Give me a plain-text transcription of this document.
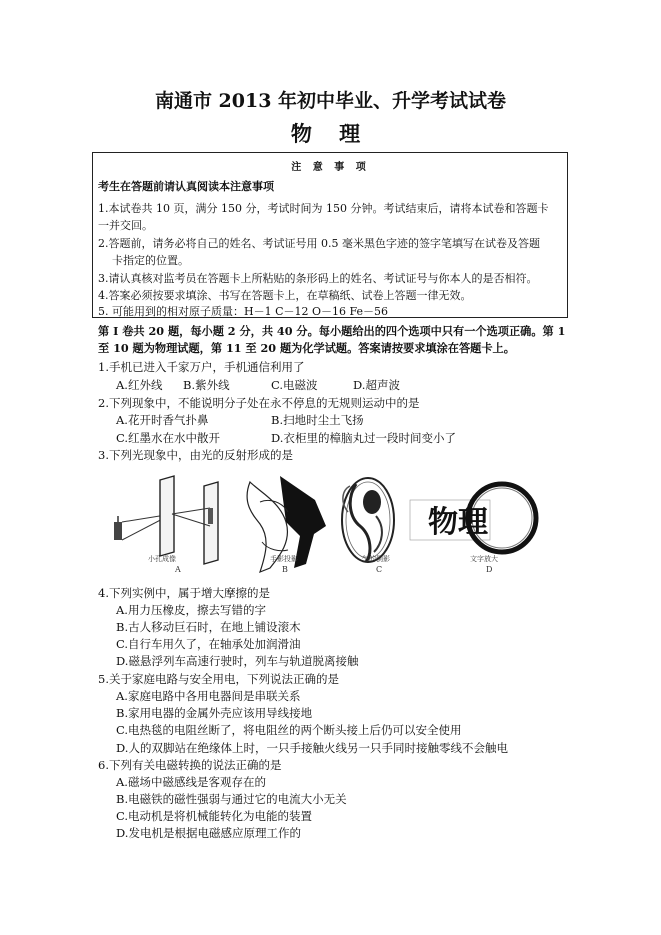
南通市 2013 年初中毕业、升学考试试卷
物 理
注 意 事 项
考生在答题前请认真阅读本注意事项
1.本试卷共 10 页，满分 150 分，考试时间为 150 分钟。考试结束后，请将本试卷和答题卡
一并交回。
2.答题前，请务必将自己的姓名、考试证号用 0.5 毫米黑色字迹的签字笔填写在试卷及答题
卡指定的位置。
3.请认真核对监考员在答题卡上所粘贴的条形码上的姓名、考试证号与你本人的是否相符。
4.答案必须按要求填涂、书写在答题卡上，在草稿纸、试卷上答题一律无效。
5. 可能用到的相对原子质量：H－1 C－12 O－16 Fe－56
第 I 卷共 20 题，每小题 2 分，共 40 分。每小题给出的四个选项中只有一个选项正确。第 1
至 10 题为物理试题，第 11 至 20 题为化学试题。答案请按要求填涂在答题卡上。
1.手机已进入千家万户，手机通信利用了
A.红外线 B.紫外线	C.电磁波	D.超声波
2.下列现象中，不能说明分子处在永不停息的无规则运动中的是
A.花开时香气扑鼻	B.扫地时尘土飞扬
C.红墨水在水中散开	D.衣柜里的樟脑丸过一段时间变小了
3.下列光现象中，由光的反射形成的是
物理
小孔成像
A
手影投影
B
勺的倒影
C
文字放大
D
4.下列实例中，属于增大摩擦的是
A.用力压橡皮，擦去写错的字
B.古人移动巨石时，在地上铺设滚木
C.自行车用久了，在轴承处加润滑油
D.磁悬浮列车高速行驶时，列车与轨道脱离接触
5.关于家庭电路与安全用电，下列说法正确的是
A.家庭电路中各用电器间是串联关系
B.家用电器的金属外壳应该用导线接地
C.电热毯的电阻丝断了，将电阻丝的两个断头接上后仍可以安全使用
D.人的双脚站在绝缘体上时，一只手接触火线另一只手同时接触零线不会触电
6.下列有关电磁转换的说法正确的是
A.磁场中磁感线是客观存在的
B.电磁铁的磁性强弱与通过它的电流大小无关
C.电动机是将机械能转化为电能的装置
D.发电机是根据电磁感应原理工作的
